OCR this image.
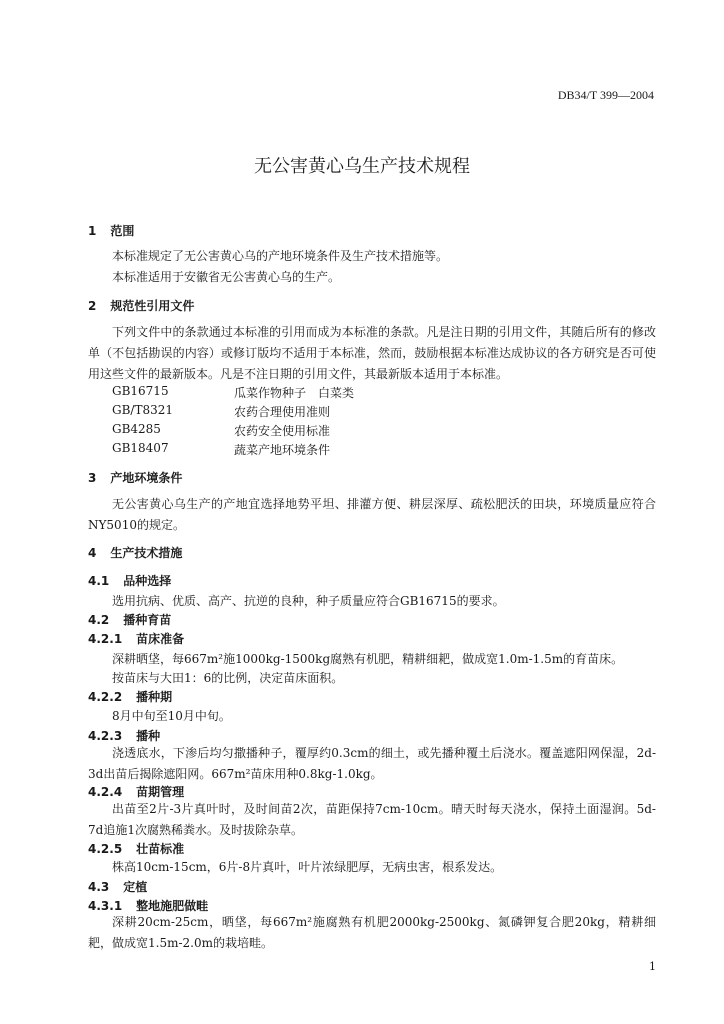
DB34/T 399—2004
无公害黄心乌生产技术规程
1 范围
本标准规定了无公害黄心乌的产地环境条件及生产技术措施等。
本标准适用于安徽省无公害黄心乌的生产。
2 规范性引用文件
下列文件中的条款通过本标准的引用而成为本标准的条款。凡是注日期的引用文件，其随后所有的修改单（不包括勘误的内容）或修订版均不适用于本标准，然而，鼓励根据本标准达成协议的各方研究是否可使用这些文件的最新版本。凡是不注日期的引用文件，其最新版本适用于本标准。
GB16715	瓜菜作物种子　白菜类
GB/T8321	农药合理使用准则
GB4285	农药安全使用标准
GB18407	蔬菜产地环境条件
3 产地环境条件
无公害黄心乌生产的产地宜选择地势平坦、排灌方便、耕层深厚、疏松肥沃的田块，环境质量应符合NY5010的规定。
4 生产技术措施
4.1 品种选择
选用抗病、优质、高产、抗逆的良种，种子质量应符合GB16715的要求。
4.2 播种育苗
4.2.1 苗床准备
深耕晒垡，每667m²施1000kg-1500kg腐熟有机肥，精耕细耙，做成宽1.0m-1.5m的育苗床。
按苗床与大田1：6的比例，决定苗床面积。
4.2.2 播种期
8月中旬至10月中旬。
4.2.3 播种
浇透底水，下渗后均匀撒播种子，覆厚约0.3cm的细土，或先播种覆土后浇水。覆盖遮阳网保湿，2d-3d出苗后揭除遮阳网。667m²苗床用种0.8kg-1.0kg。
4.2.4 苗期管理
出苗至2片-3片真叶时，及时间苗2次，苗距保持7cm-10cm。晴天时每天浇水，保持土面湿润。5d-7d追施1次腐熟稀粪水。及时拔除杂草。
4.2.5 壮苗标准
株高10cm-15cm，6片-8片真叶，叶片浓绿肥厚，无病虫害，根系发达。
4.3 定植
4.3.1 整地施肥做畦
深耕20cm-25cm，晒垡，每667m²施腐熟有机肥2000kg-2500kg、氮磷钾复合肥20kg，精耕细耙，做成宽1.5m-2.0m的栽培畦。
1
